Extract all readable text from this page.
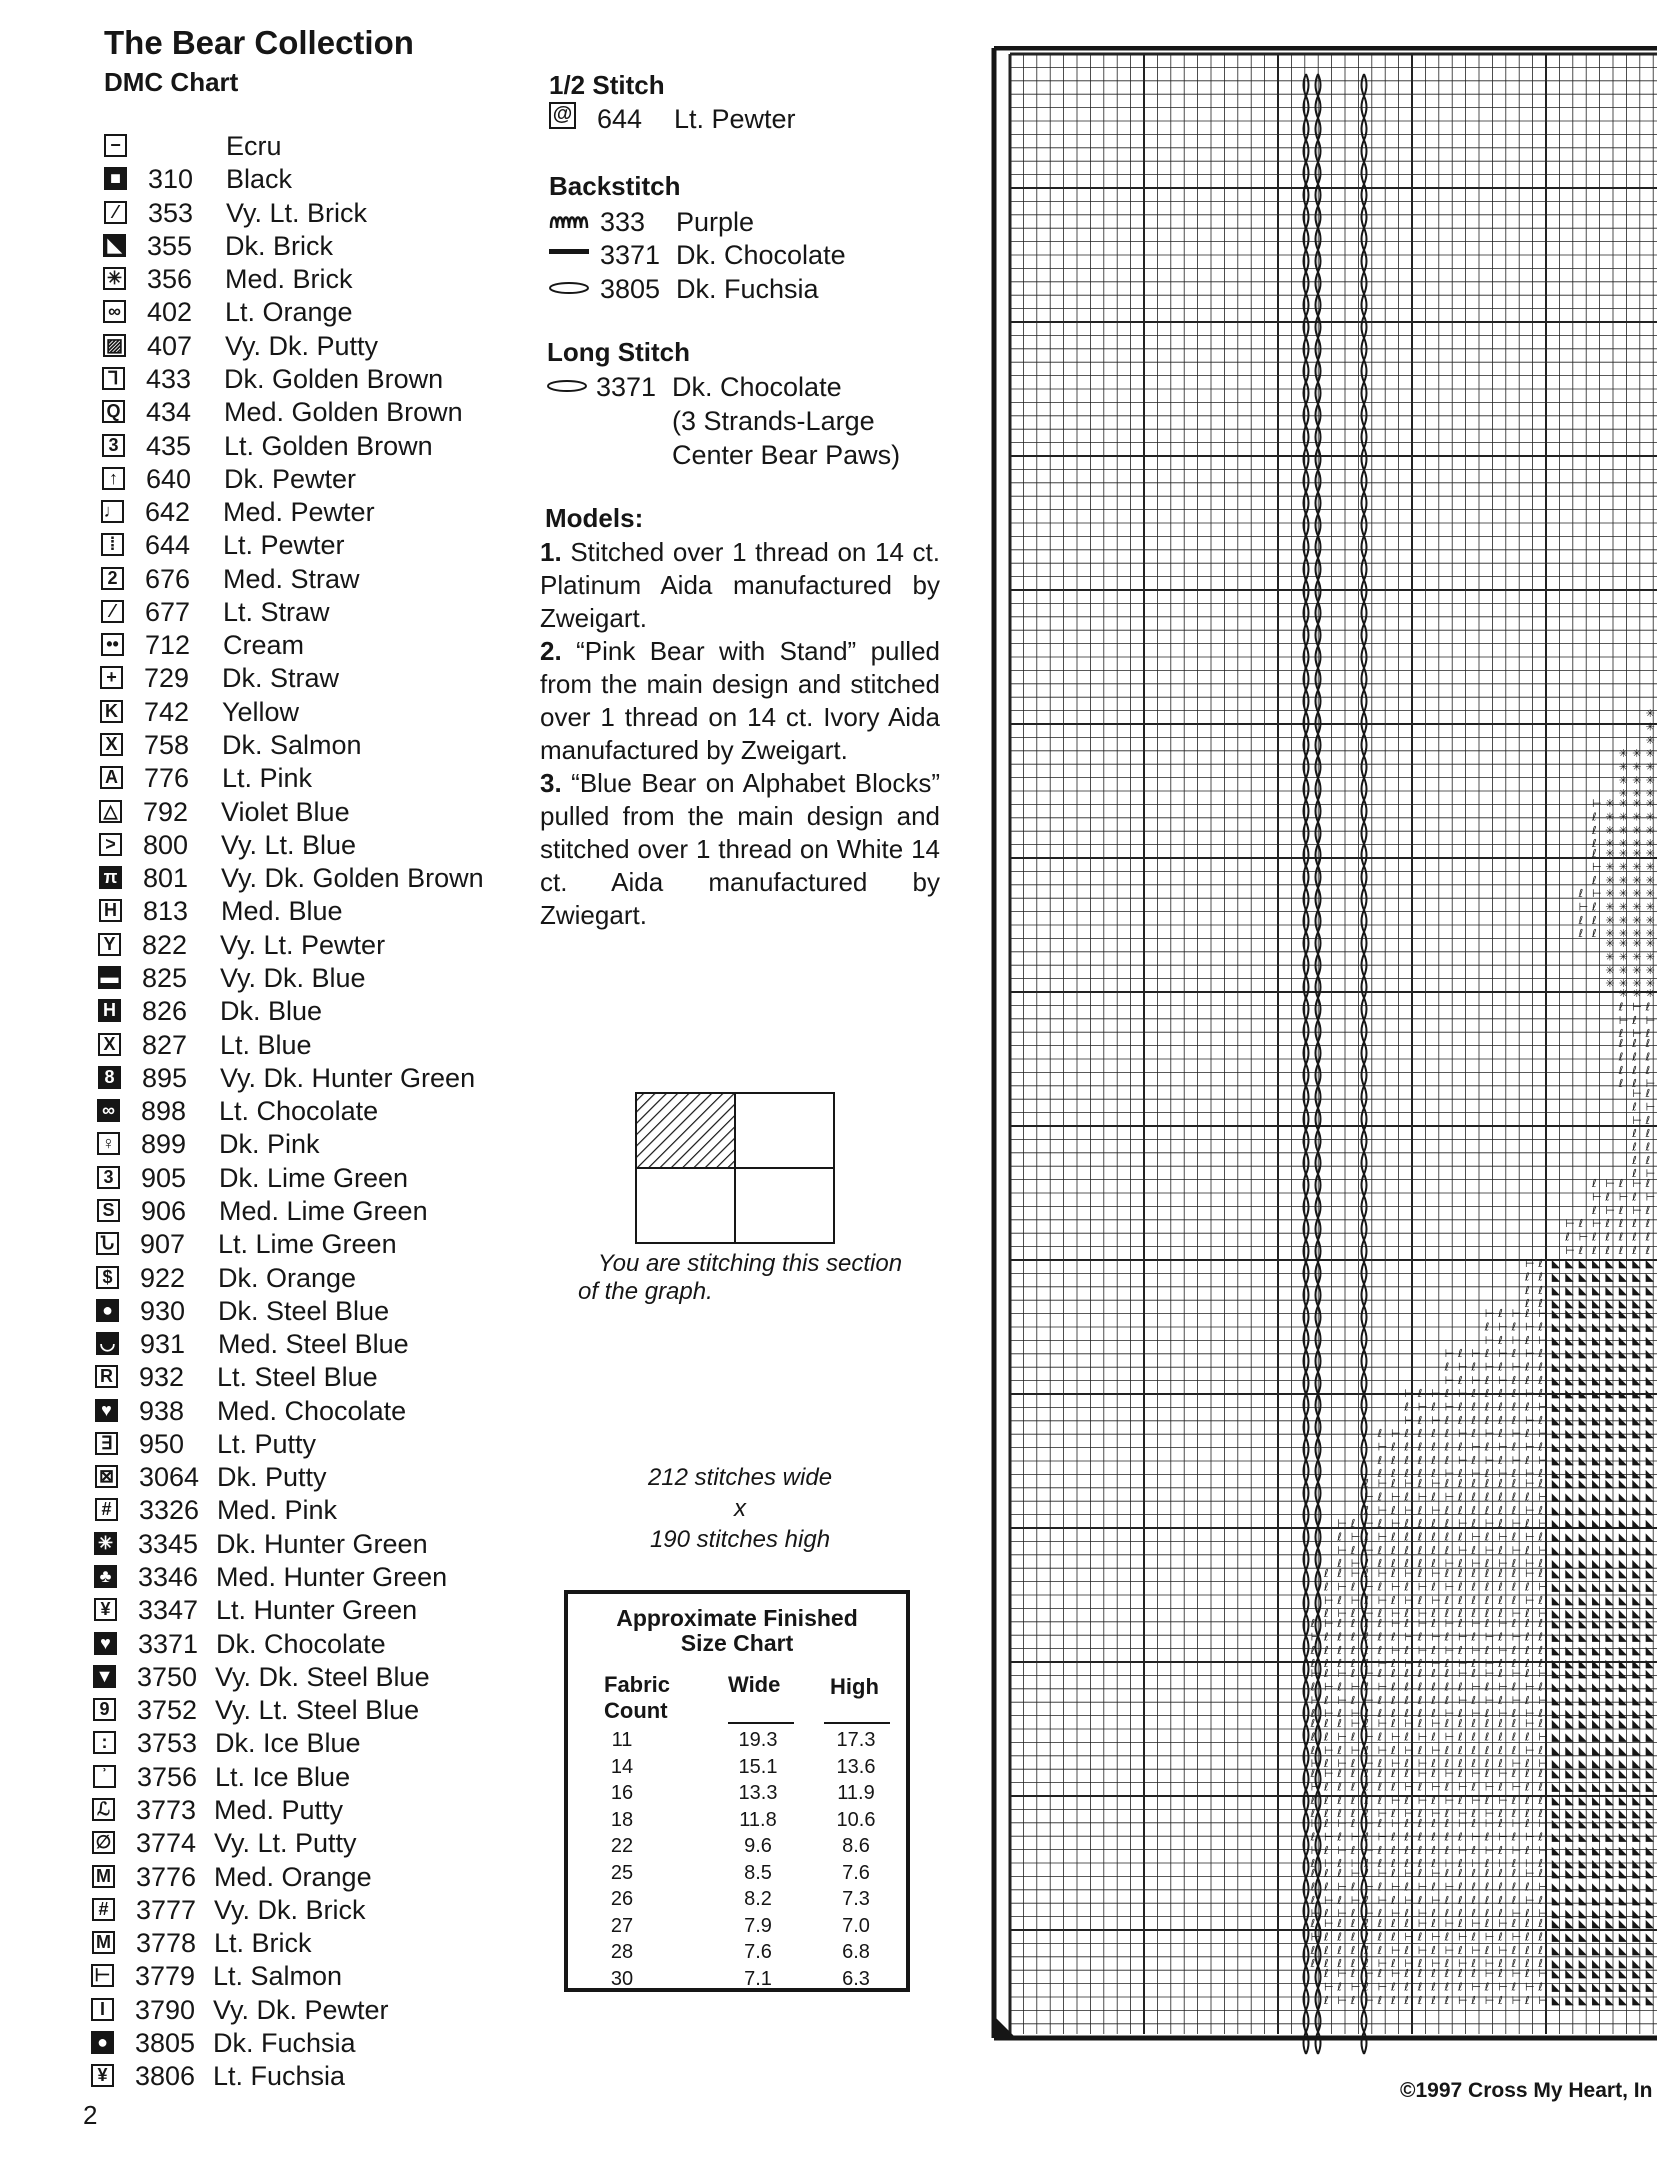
The Bear Collection
DMC Chart
−	Ecru
■ 310 Black
⁄	353 Vy. Lt. Brick
◣ 355 Dk. Brick
✳ 356 Med. Brick
∞ 402 Lt. Orange
▨ 407 Vy. Dk. Putty
⅂ 433 Dk. Golden Brown
Q 434 Med. Golden Brown
3 435 Lt. Golden Brown
↑ 640 Dk. Pewter
♩ 642 Med. Pewter
⁞	644 Lt. Pewter
2 676 Med. Straw
⁄	677 Lt. Straw
•• 712 Cream
+ 729 Dk. Straw
K 742 Yellow
X 758 Dk. Salmon
A 776 Lt. Pink
△ 792 Violet Blue
> 800 Vy. Lt. Blue
π 801 Vy. Dk. Golden Brown
H 813 Med. Blue
Y 822 Vy. Lt. Pewter
▬ 825 Vy. Dk. Blue
H 826 Dk. Blue
X 827 Lt. Blue
8 895 Vy. Dk. Hunter Green
∞ 898 Lt. Chocolate
♀ 899 Dk. Pink
3 905 Dk. Lime Green
S 906 Med. Lime Green
Ն 907 Lt. Lime Green
$ 922 Dk. Orange
● 930 Dk. Steel Blue
◡ 931 Med. Steel Blue
R 932 Lt. Steel Blue
♥ 938 Med. Chocolate
∃ 950 Lt. Putty
⊠ 3064 Dk. Putty
# 3326 Med. Pink
✳ 3345 Dk. Hunter Green
♣ 3346 Med. Hunter Green
¥ 3347 Lt. Hunter Green
♥ 3371 Dk. Chocolate
▼ 3750 Vy. Dk. Steel Blue
9 3752 Vy. Lt. Steel Blue
:	3753 Dk. Ice Blue
ʾ	3756 Lt. Ice Blue
ℒ 3773 Med. Putty
∅ 3774 Vy. Lt. Putty
M 3776 Med. Orange
# 3777 Vy. Dk. Brick
M 3778 Lt. Brick
⊢ 3779 Lt. Salmon
I	3790 Vy. Dk. Pewter
● 3805 Dk. Fuchsia
¥ 3806 Lt. Fuchsia
1/2 Stitch
@ 644 Lt. Pewter
Backstitch
333 Purple
3371 Dk. Chocolate
3805 Dk. Fuchsia
Long Stitch
3371 Dk. Chocolate
(3 Strands-Large
Center Bear Paws)
Models:

1. Stitched over 1 thread on 14 ct. Platinum Aida manufactured by Zweigart.

2. “Pink Bear with Stand” pulled from the main design and stitched over 1 thread on 14 ct. Ivory Aida manufactured by Zweigart.

3. “Blue Bear on Alphabet Blocks” pulled from the main design and stitched over 1 thread on White 14 ct. Aida manufactured by Zwiegart.

You are stitching this section
of the graph.
212 stitches wide
x
190 stitches high
Approximate Finished
Size Chart
Fabric
Count
Wide High
11	19.3	17.3
14	15.1	13.6
16	13.3	11.9
18	11.8	10.6
22	9.6	8.6
25	8.5	7.6
26	8.2	7.3
27	7.9	7.0
28	7.6	6.8
30	7.1	6.3
✳
✳
✳
✳ ✳ ✳
✳ ✳ ✳
✳ ✳ ✳
✳ ✳ ✳
⊢ ✳ ✳ ✳ ✳
ℓ ✳ ✳ ✳ ✳
ℓ ✳ ✳ ✳ ✳
ℓ ✳ ✳ ✳ ✳
ℓ ✳ ✳ ✳ ✳
⊢ ✳ ✳ ✳ ✳
ℓ ✳ ✳ ✳ ✳
ℓ ⊢ ✳ ✳ ✳ ✳
⊢ ℓ ✳ ✳ ✳ ✳
ℓ ℓ ✳ ✳ ✳ ✳
ℓ ℓ ✳ ✳ ✳ ✳
✳ ✳ ✳ ✳
✳ ✳ ✳ ✳
✳ ✳ ✳ ✳
✳ ✳ ✳ ✳
✳ ✳ ✳
ℓ ⊢ ℓ
⊢ ℓ ⊢
ℓ ⊢ ℓ
ℓ ℓ ℓ
ℓ ℓ ℓ
ℓ ℓ ℓ
ℓ ℓ ⊢
⊢ ℓ
ℓ ⊢
⊢ ℓ
ℓ ℓ
ℓ ℓ
ℓ ℓ
ℓ ⊢
ℓ ⊢ ℓ ⊢ ℓ
⊢ ℓ ⊢ ℓ ⊢
ℓ ⊢ ℓ ⊢ ℓ
⊢ ℓ ⊢ ℓ ℓ ℓ ℓ
ℓ ⊢ ℓ ℓ ℓ ℓ ℓ
⊢ ℓ ℓ ℓ ℓ ℓ ℓ
⊢ ℓ ◣ ◣ ◣ ◣ ◣ ◣ ◣ ◣
ℓ ℓ ◣ ◣ ◣ ◣ ◣ ◣ ◣ ◣
ℓ ℓ ◣ ◣ ◣ ◣ ◣ ◣ ◣ ◣
ℓ ℓ ◣ ◣ ◣ ◣ ◣ ◣ ◣ ◣
⊢ ℓ ⊢ ℓ ⊢ ◣ ◣ ◣ ◣ ◣ ◣ ◣ ◣
ℓ ⊢ ℓ ⊢ ℓ ◣ ◣ ◣ ◣ ◣ ◣ ◣ ◣
⊢ ℓ ⊢ ℓ ⊢ ◣ ◣ ◣ ◣ ◣ ◣ ◣ ◣
⊢ ℓ ⊢ ℓ ⊢ ℓ ⊢ ℓ ◣ ◣ ◣ ◣ ◣ ◣ ◣ ◣
ℓ ⊢ ℓ ⊢ ℓ ⊢ ℓ ℓ ◣ ◣ ◣ ◣ ◣ ◣ ◣ ◣
⊢ ℓ ⊢ ℓ ⊢ ℓ ℓ ℓ ◣ ◣ ◣ ◣ ◣ ◣ ◣ ◣
⊢ ℓ ⊢ ℓ ⊢ ℓ ℓ ℓ ℓ ⊢ ℓ ◣ ◣ ◣ ◣ ◣ ◣ ◣ ◣
ℓ ⊢ ℓ ⊢ ℓ ℓ ℓ ℓ ℓ ℓ ⊢ ◣ ◣ ◣ ◣ ◣ ◣ ◣ ◣
⊢ ℓ ⊢ ℓ ℓ ℓ ℓ ℓ ℓ ⊢ ℓ ◣ ◣ ◣ ◣ ◣ ◣ ◣ ◣
ℓ ⊢ ℓ ℓ ℓ ℓ ⊢ ℓ ⊢ ℓ ⊢ ℓ ⊢ ◣ ◣ ◣ ◣ ◣ ◣ ◣ ◣
⊢ ℓ ℓ ℓ ℓ ℓ ℓ ⊢ ℓ ⊢ ℓ ⊢ ℓ ◣ ◣ ◣ ◣ ◣ ◣ ◣ ◣
ℓ ℓ ℓ ℓ ℓ ℓ ⊢ ℓ ⊢ ℓ ⊢ ℓ ⊢ ◣ ◣ ◣ ◣ ◣ ◣ ◣ ◣
ℓ ℓ ℓ ℓ ℓ ⊢ ℓ ⊢ ℓ ⊢ ℓ ⊢ ℓ ◣ ◣ ◣ ◣ ◣ ◣ ◣ ◣
ℓ ⊢ ℓ ⊢ ℓ ⊢ ℓ ℓ ℓ ℓ ℓ ℓ ⊢ ℓ ◣ ◣ ◣ ◣ ◣ ◣ ◣ ◣
⊢ ℓ ⊢ ℓ ⊢ ℓ ⊢ ℓ ℓ ℓ ℓ ℓ ℓ ⊢ ◣ ◣ ◣ ◣ ◣ ◣ ◣ ◣
ℓ ⊢ ℓ ⊢ ℓ ⊢ ℓ ℓ ℓ ℓ ℓ ℓ ⊢ ℓ ◣ ◣ ◣ ◣ ◣ ◣ ◣ ◣
⊢ ℓ ⊢ ℓ ⊢ ℓ ℓ ℓ ℓ ⊢ ℓ ⊢ ℓ ⊢ ℓ ⊢ ◣ ◣ ◣ ◣ ◣ ◣ ◣ ◣
ℓ ⊢ ℓ ⊢ ℓ ℓ ℓ ℓ ℓ ℓ ⊢ ℓ ⊢ ℓ ⊢ ℓ ◣ ◣ ◣ ◣ ◣ ◣ ◣ ◣
⊢ ℓ ⊢ ℓ ℓ ℓ ℓ ℓ ℓ ⊢ ℓ ⊢ ℓ ⊢ ℓ ⊢ ◣ ◣ ◣ ◣ ◣ ◣ ◣ ◣
ℓ ⊢ ℓ ℓ ℓ ℓ ℓ ℓ ⊢ ℓ ⊢ ℓ ⊢ ℓ ⊢ ℓ ◣ ◣ ◣ ◣ ◣ ◣ ◣ ◣
ℓ ℓ ⊢ ℓ ⊢ ℓ ⊢ ℓ ⊢ ℓ ℓ ℓ ℓ ℓ ℓ ⊢ ℓ ◣ ◣ ◣ ◣ ◣ ◣ ◣ ◣
ℓ ⊢ ℓ ⊢ ℓ ⊢ ℓ ⊢ ℓ ⊢ ℓ ℓ ℓ ℓ ℓ ℓ ⊢ ◣ ◣ ◣ ◣ ◣ ◣ ◣ ◣
⊢ ℓ ⊢ ℓ ⊢ ℓ ⊢ ℓ ⊢ ℓ ℓ ℓ ℓ ℓ ℓ ⊢ ℓ ◣ ◣ ◣ ◣ ◣ ◣ ◣ ◣
ℓ ⊢ ℓ ⊢ ℓ ⊢ ℓ ⊢ ℓ ℓ ℓ ℓ ℓ ℓ ⊢ ℓ ⊢ ◣ ◣ ◣ ◣ ◣ ◣ ◣ ◣
ℓ ⊢ ℓ ℓ ℓ ℓ ⊢ ℓ ⊢ ℓ ⊢ ℓ ⊢ ℓ ⊢ ℓ ℓ ℓ ◣ ◣ ◣ ◣ ◣ ◣ ◣ ◣
⊢ ℓ ℓ ℓ ℓ ℓ ℓ ⊢ ℓ ⊢ ℓ ⊢ ℓ ⊢ ℓ ⊢ ℓ ℓ ◣ ◣ ◣ ◣ ◣ ◣ ◣ ◣
ℓ ℓ ℓ ℓ ℓ ℓ ⊢ ℓ ⊢ ℓ ⊢ ℓ ⊢ ℓ ⊢ ℓ ℓ ℓ ◣ ◣ ◣ ◣ ◣ ◣ ◣ ◣
ℓ ℓ ℓ ℓ ℓ ⊢ ℓ ⊢ ℓ ⊢ ℓ ⊢ ℓ ⊢ ℓ ℓ ℓ ℓ ◣ ◣ ◣ ◣ ◣ ◣ ◣ ◣
⊢ ℓ ⊢ ℓ ⊢ ℓ ℓ ℓ ℓ ℓ ℓ ⊢ ℓ ⊢ ℓ ⊢ ℓ ⊢ ◣ ◣ ◣ ◣ ◣ ◣ ◣ ◣
ℓ ⊢ ℓ ⊢ ℓ ⊢ ℓ ℓ ℓ ℓ ℓ ℓ ⊢ ℓ ⊢ ℓ ⊢ ℓ ◣ ◣ ◣ ◣ ◣ ◣ ◣ ◣
⊢ ℓ ⊢ ℓ ⊢ ℓ ℓ ℓ ℓ ℓ ℓ ⊢ ℓ ⊢ ℓ ⊢ ℓ ⊢ ◣ ◣ ◣ ◣ ◣ ◣ ◣ ◣
ℓ ⊢ ℓ ⊢ ℓ ℓ ℓ ℓ ℓ ℓ ⊢ ℓ ⊢ ℓ ⊢ ℓ ⊢ ℓ ◣ ◣ ◣ ◣ ◣ ◣ ◣ ◣
ℓ ℓ ℓ ⊢ ℓ ⊢ ℓ ⊢ ℓ ⊢ ℓ ℓ ℓ ℓ ℓ ℓ ⊢ ℓ ◣ ◣ ◣ ◣ ◣ ◣ ◣ ◣
ℓ ℓ ⊢ ℓ ⊢ ℓ ⊢ ℓ ⊢ ℓ ⊢ ℓ ℓ ℓ ℓ ℓ ℓ ⊢ ◣ ◣ ◣ ◣ ◣ ◣ ◣ ◣
ℓ ⊢ ℓ ⊢ ℓ ⊢ ℓ ⊢ ℓ ⊢ ℓ ℓ ℓ ℓ ℓ ℓ ⊢ ℓ ◣ ◣ ◣ ◣ ◣ ◣ ◣ ◣
⊢ ℓ ⊢ ℓ ⊢ ℓ ⊢ ℓ ⊢ ℓ ℓ ℓ ℓ ℓ ℓ ⊢ ℓ ⊢ ◣ ◣ ◣ ◣ ◣ ◣ ◣ ◣
ℓ ⊢ ℓ ℓ ℓ ℓ ℓ ℓ ⊢ ℓ ⊢ ℓ ⊢ ℓ ⊢ ℓ ℓ ℓ ◣ ◣ ◣ ◣ ◣ ◣ ◣ ◣
⊢ ℓ ℓ ℓ ℓ ℓ ℓ ⊢ ℓ ⊢ ℓ ⊢ ℓ ⊢ ℓ ⊢ ℓ ℓ ◣ ◣ ◣ ◣ ◣ ◣ ◣ ◣
ℓ ℓ ℓ ℓ ℓ ℓ ⊢ ℓ ⊢ ℓ ⊢ ℓ ⊢ ℓ ⊢ ℓ ℓ ℓ ◣ ◣ ◣ ◣ ◣ ◣ ◣ ◣
ℓ ℓ ℓ ℓ ℓ ⊢ ℓ ⊢ ℓ ⊢ ℓ ⊢ ℓ ⊢ ℓ ℓ ℓ ℓ ◣ ◣ ◣ ◣ ◣ ◣ ◣ ◣
⊢ ℓ ⊢ ℓ ⊢ ℓ ⊢ ℓ ℓ ℓ ℓ ⊢ ℓ ⊢ ℓ ⊢ ℓ ⊢ ◣ ◣ ◣ ◣ ◣ ◣ ◣ ◣
ℓ ⊢ ℓ ⊢ ℓ ⊢ ℓ ℓ ℓ ℓ ℓ ℓ ⊢ ℓ ⊢ ℓ ⊢ ℓ ◣ ◣ ◣ ◣ ◣ ◣ ◣ ◣
⊢ ℓ ⊢ ℓ ⊢ ℓ ℓ ℓ ℓ ℓ ℓ ⊢ ℓ ⊢ ℓ ⊢ ℓ ⊢ ◣ ◣ ◣ ◣ ◣ ◣ ◣ ◣
ℓ ⊢ ℓ ⊢ ℓ ℓ ℓ ℓ ℓ ℓ ⊢ ℓ ⊢ ℓ ⊢ ℓ ⊢ ℓ ◣ ◣ ◣ ◣ ◣ ◣ ◣ ◣
ℓ ℓ ℓ ⊢ ℓ ⊢ ℓ ⊢ ℓ ⊢ ℓ ℓ ℓ ℓ ℓ ℓ ⊢ ℓ ◣ ◣ ◣ ◣ ◣ ◣ ◣ ◣
ℓ ℓ ⊢ ℓ ⊢ ℓ ⊢ ℓ ⊢ ℓ ⊢ ℓ ℓ ℓ ℓ ℓ ℓ ⊢ ◣ ◣ ◣ ◣ ◣ ◣ ◣ ◣
ℓ ⊢ ℓ ⊢ ℓ ⊢ ℓ ⊢ ℓ ⊢ ℓ ℓ ℓ ℓ ℓ ℓ ⊢ ℓ ◣ ◣ ◣ ◣ ◣ ◣ ◣ ◣
⊢ ℓ ⊢ ℓ ⊢ ℓ ⊢ ℓ ⊢ ℓ ℓ ℓ ℓ ℓ ℓ ⊢ ℓ ⊢ ◣ ◣ ◣ ◣ ◣ ◣ ◣ ◣
ℓ ⊢ ℓ ℓ ℓ ℓ ℓ ℓ ⊢ ℓ ⊢ ℓ ⊢ ℓ ⊢ ℓ ℓ ℓ ◣ ◣ ◣ ◣ ◣ ◣ ◣ ◣
⊢ ℓ ℓ ℓ ℓ ℓ ℓ ⊢ ℓ ⊢ ℓ ⊢ ℓ ⊢ ℓ ⊢ ℓ ℓ ◣ ◣ ◣ ◣ ◣ ◣ ◣ ◣
ℓ ℓ ℓ ℓ ℓ ℓ ⊢ ℓ ⊢ ℓ ⊢ ℓ ⊢ ℓ ⊢ ℓ ℓ ℓ ◣ ◣ ◣ ◣ ◣ ◣ ◣ ◣
ℓ ℓ ℓ ℓ ℓ ⊢ ℓ ⊢ ℓ ⊢ ℓ ⊢ ℓ ⊢ ℓ ℓ ℓ ℓ ◣ ◣ ◣ ◣ ◣ ◣ ◣ ◣
ℓ ⊢ ℓ ⊢ ℓ ⊢ ℓ ℓ ℓ ℓ ℓ ℓ ⊢ ℓ ⊢ ℓ ⊢ ◣ ◣ ◣ ◣ ◣ ◣ ◣ ◣
⊢ ℓ ⊢ ℓ ⊢ ℓ ℓ ℓ ℓ ℓ ℓ ⊢ ℓ ⊢ ℓ ⊢ ℓ ◣ ◣ ◣ ◣ ◣ ◣ ◣ ◣
ℓ ⊢ ℓ ⊢ ℓ ℓ ℓ ℓ ℓ ℓ ⊢ ℓ ⊢ ℓ ⊢ ℓ ⊢ ◣ ◣ ◣ ◣ ◣ ◣ ◣ ◣
2
©1997 Cross My Heart, In
